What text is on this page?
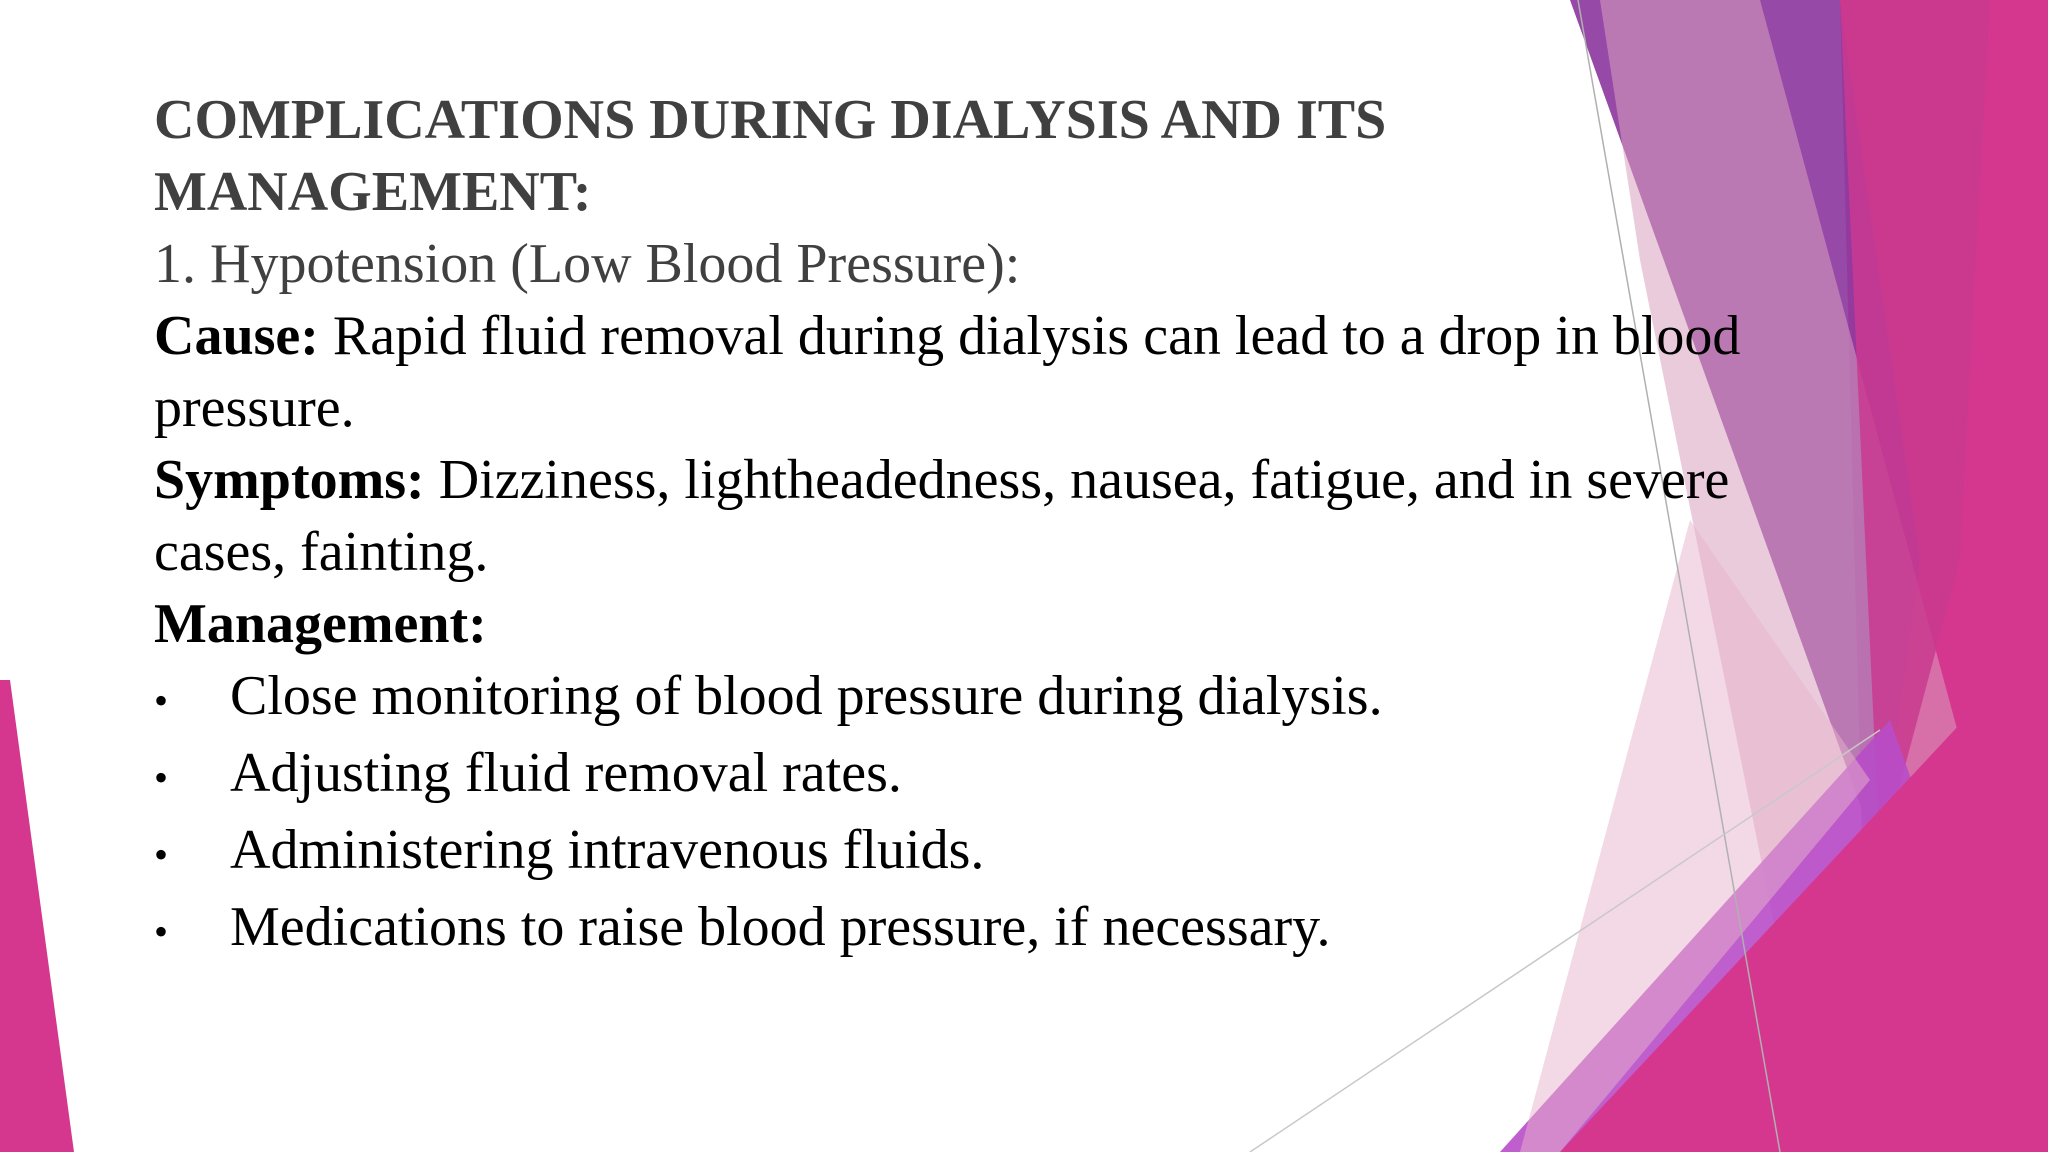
COMPLICATIONS DURING DIALYSIS AND ITS

MANAGEMENT:

1. Hypotension (Low Blood Pressure):

Cause: Rapid fluid removal during dialysis can lead to a drop in blood pressure.

Symptoms: Dizziness, lightheadedness, nausea, fatigue, and in severe cases, fainting.

Management:

•	Close monitoring of blood pressure during dialysis.
•	Adjusting fluid removal rates.
•	Administering intravenous fluids.
•	Medications to raise blood pressure, if necessary.
